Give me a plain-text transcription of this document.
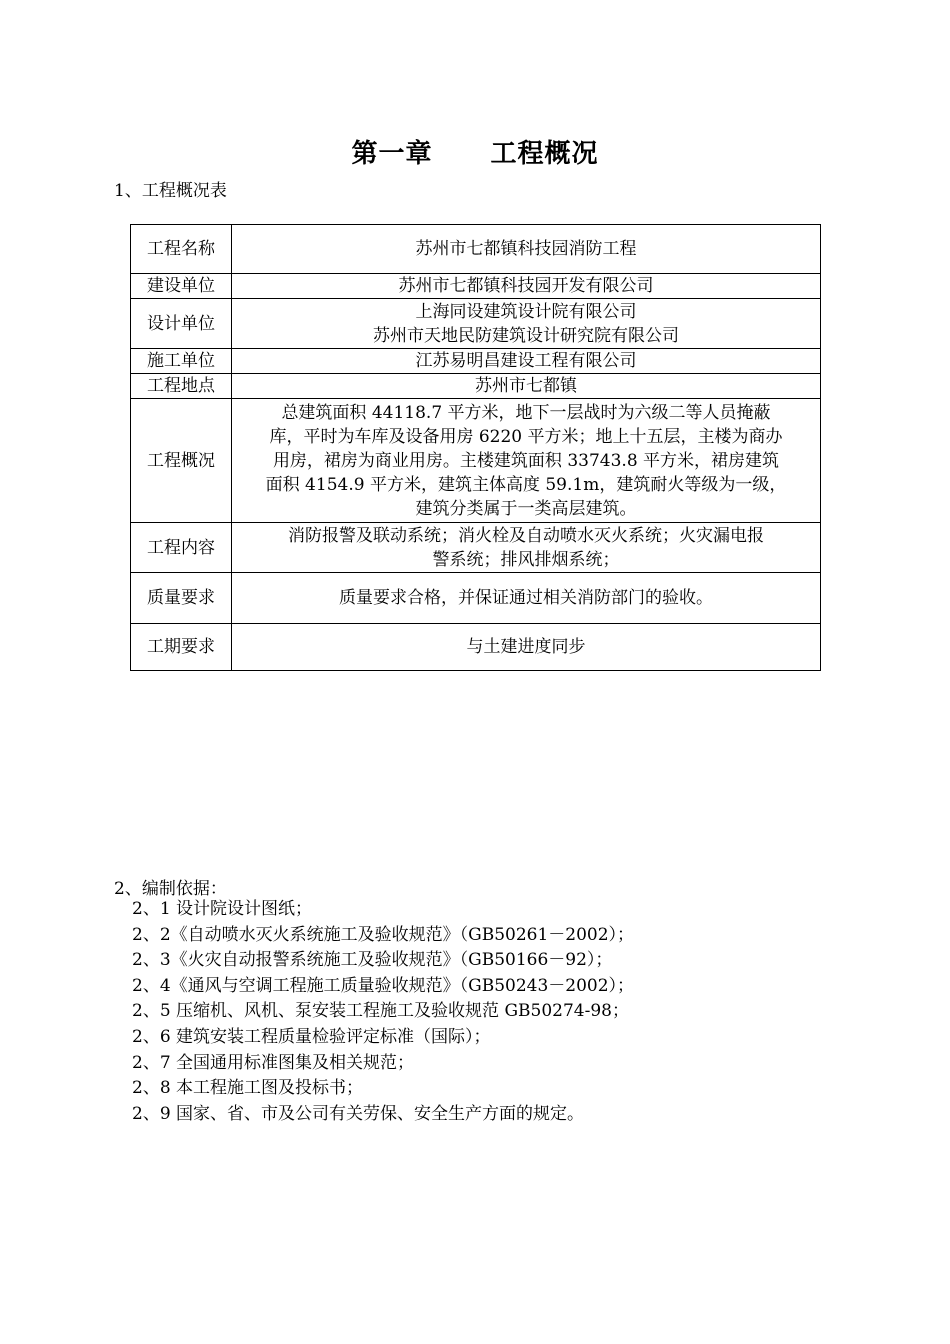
第一章 工程概况
1、工程概况表
工程名称	苏州市七都镇科技园消防工程
建设单位	苏州市七都镇科技园开发有限公司
设计单位	上海同设建筑设计院有限公司
苏州市天地民防建筑设计研究院有限公司

施工单位	江苏易明昌建设工程有限公司
工程地点	苏州市七都镇
工程概况	总建筑面积 44118.7 平方米，地下一层战时为六级二等人员掩蔽
库，平时为车库及设备用房 6220 平方米；地上十五层，主楼为商办
用房，裙房为商业用房。主楼建筑面积 33743.8 平方米，裙房建筑
面积 4154.9 平方米，建筑主体高度 59.1m，建筑耐火等级为一级，
建筑分类属于一类高层建筑。

工程内容	消防报警及联动系统；消火栓及自动喷水灭火系统；火灾漏电报
警系统；排风排烟系统；

质量要求	质量要求合格，并保证通过相关消防部门的验收。
工期要求	与土建进度同步
2、编制依据：
2、1 设计院设计图纸；
2、2《自动喷水灭火系统施工及验收规范》（GB50261－2002）；
2、3《火灾自动报警系统施工及验收规范》（GB50166－92）；
2、4《通风与空调工程施工质量验收规范》（GB50243－2002）；
2、5 压缩机、风机、泵安装工程施工及验收规范 GB50274-98；
2、6 建筑安装工程质量检验评定标准（国际）；
2、7 全国通用标准图集及相关规范；
2、8 本工程施工图及投标书；
2、9 国家、省、市及公司有关劳保、安全生产方面的规定。
